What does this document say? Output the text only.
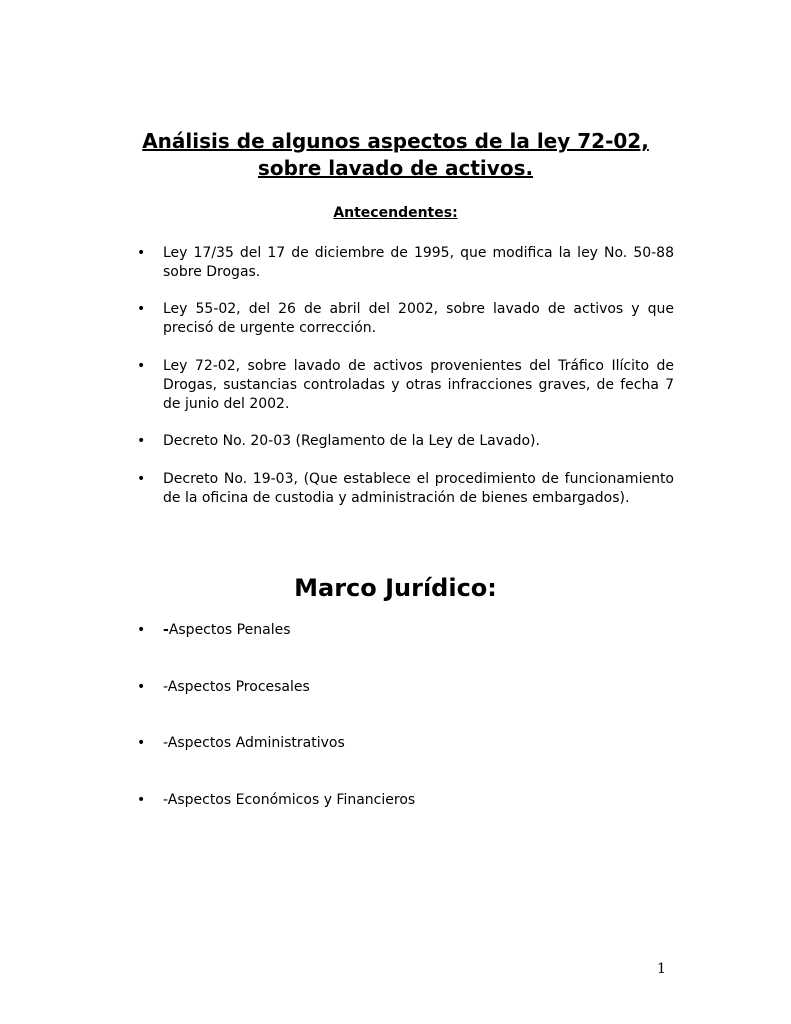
Análisis de algunos aspectos de la ley 72-02,
sobre lavado de activos.
Antecendentes:
• Ley 17/35 del 17 de diciembre de 1995, que modifica la ley No. 50-88 sobre Drogas.
• Ley 55-02, del 26 de abril del 2002, sobre lavado de activos y que precisó de urgente corrección.
• Ley 72-02, sobre lavado de activos provenientes del Tráfico Ilícito de Drogas, sustancias controladas y otras infracciones graves, de fecha 7 de junio del 2002.
• Decreto No. 20-03 (Reglamento de la Ley de Lavado).
• Decreto No. 19-03, (Que establece el procedimiento de funcionamiento de la oficina de custodia y administración de bienes embargados).
Marco Jurídico:
• -Aspectos Penales
• -Aspectos Procesales
• -Aspectos Administrativos
• -Aspectos Económicos y Financieros
1
